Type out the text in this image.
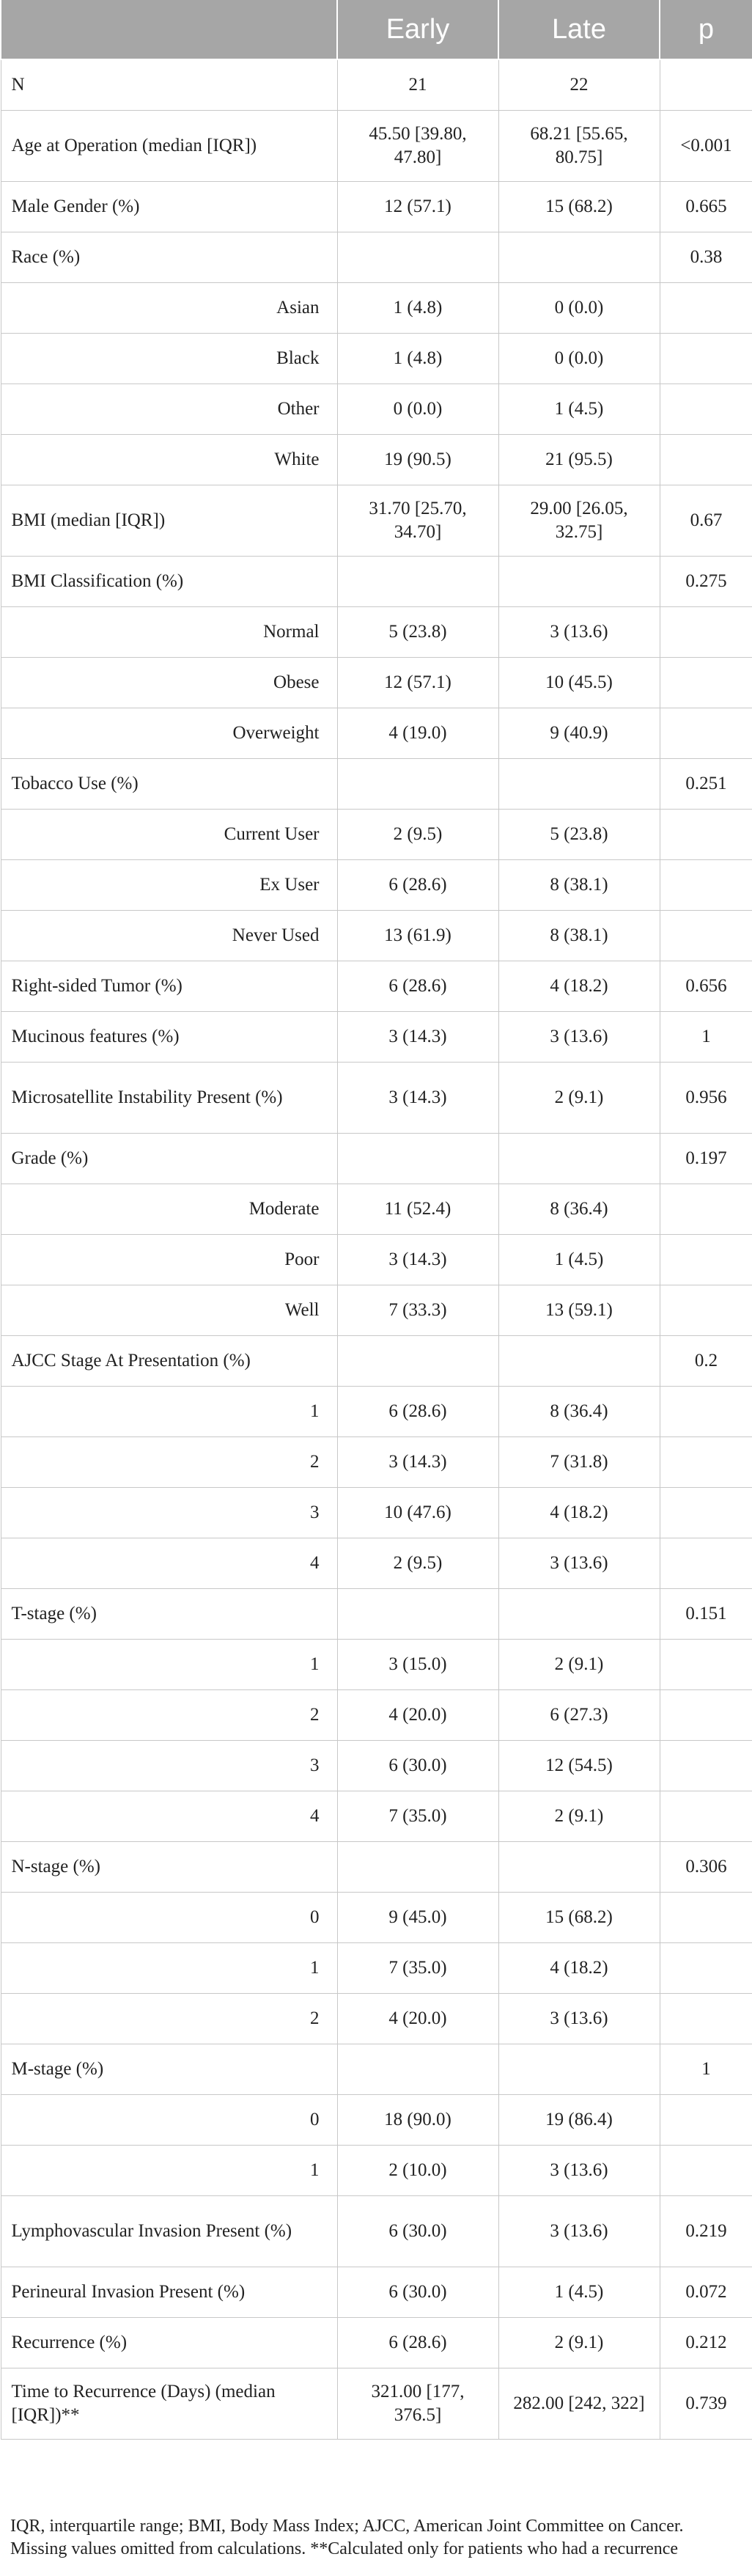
	Early	Late	p
N	21	22	
Age at Operation (median [IQR])	45.50 [39.80, 47.80]	68.21 [55.65, 80.75]	<0.001
Male Gender (%)	12 (57.1)	15 (68.2)	0.665
Race (%)			0.38
Asian	1 (4.8)	0 (0.0)	
Black	1 (4.8)	0 (0.0)	
Other	0 (0.0)	1 (4.5)	
White	19 (90.5)	21 (95.5)	
BMI (median [IQR])	31.70 [25.70, 34.70]	29.00 [26.05, 32.75]	0.67
BMI Classification (%)			0.275
Normal	5 (23.8)	3 (13.6)	
Obese	12 (57.1)	10 (45.5)	
Overweight	4 (19.0)	9 (40.9)	
Tobacco Use (%)			0.251
Current User	2 (9.5)	5 (23.8)	
Ex User	6 (28.6)	8 (38.1)	
Never Used	13 (61.9)	8 (38.1)	
Right-sided Tumor (%)	6 (28.6)	4 (18.2)	0.656
Mucinous features (%)	3 (14.3)	3 (13.6)	1
Microsatellite Instability Present (%)	3 (14.3)	2 (9.1)	0.956
Grade (%)			0.197
Moderate	11 (52.4)	8 (36.4)	
Poor	3 (14.3)	1 (4.5)	
Well	7 (33.3)	13 (59.1)	
AJCC Stage At Presentation (%)			0.2
1	6 (28.6)	8 (36.4)	
2	3 (14.3)	7 (31.8)	
3	10 (47.6)	4 (18.2)	
4	2 (9.5)	3 (13.6)	
T-stage (%)			0.151
1	3 (15.0)	2 (9.1)	
2	4 (20.0)	6 (27.3)	
3	6 (30.0)	12 (54.5)	
4	7 (35.0)	2 (9.1)	
N-stage (%)			0.306
0	9 (45.0)	15 (68.2)	
1	7 (35.0)	4 (18.2)	
2	4 (20.0)	3 (13.6)	
M-stage (%)			1
0	18 (90.0)	19 (86.4)	
1	2 (10.0)	3 (13.6)	
Lymphovascular Invasion Present (%)	6 (30.0)	3 (13.6)	0.219
Perineural Invasion Present (%)	6 (30.0)	1 (4.5)	0.072
Recurrence (%)	6 (28.6)	2 (9.1)	0.212
Time to Recurrence (Days) (median [IQR])**	321.00 [177, 376.5]	282.00 [242, 322]	0.739
IQR, interquartile range; BMI, Body Mass Index; AJCC, American Joint Committee on Cancer. Missing values omitted from calculations. **Calculated only for patients who had a recurrence
